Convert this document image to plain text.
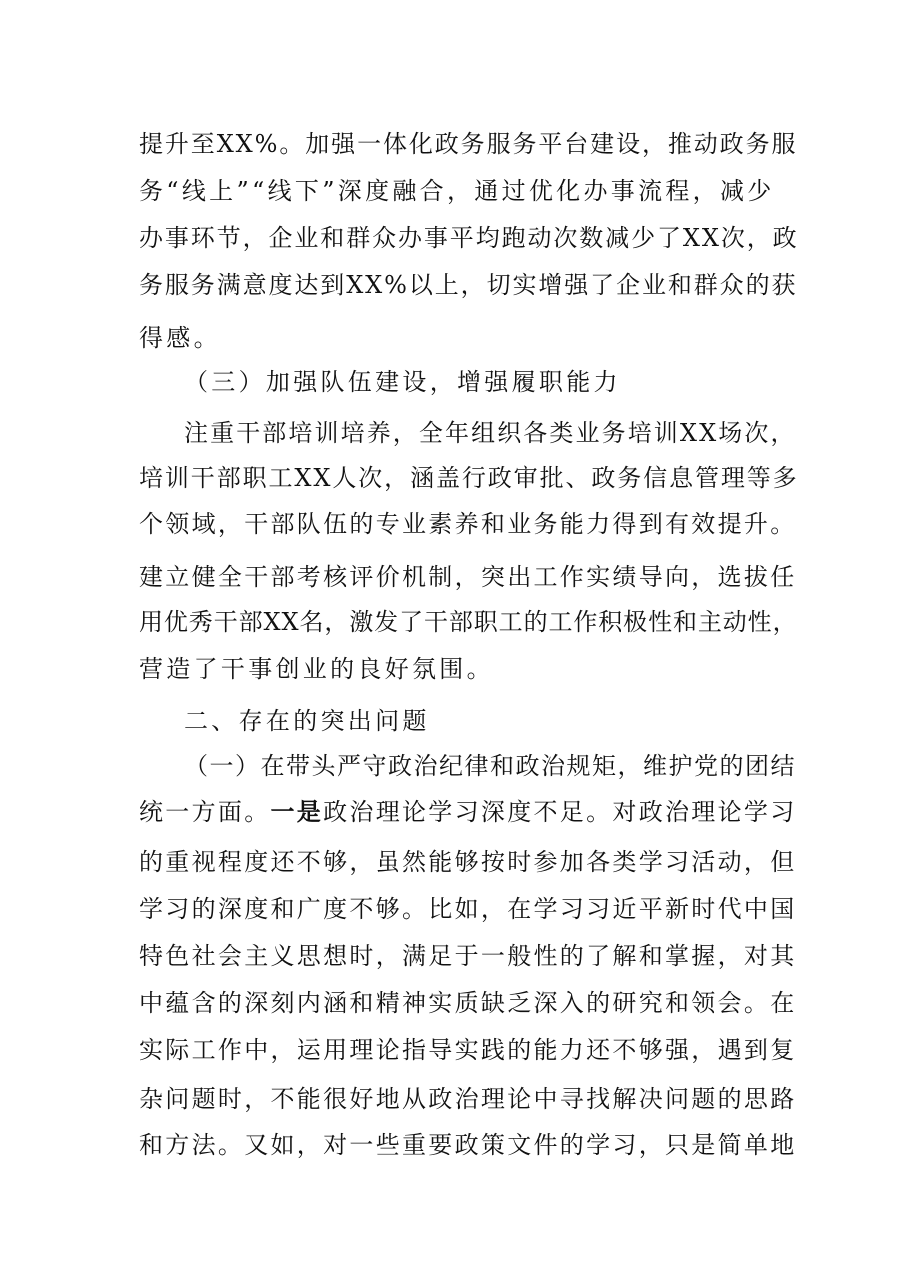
提升至XX%。加强一体化政务服务平台建设，推动政务服
务“线上”“线下”深度融合，通过优化办事流程，减少
办事环节，企业和群众办事平均跑动次数减少了XX次，政
务服务满意度达到XX%以上，切实增强了企业和群众的获
得感。
（三）加强队伍建设，增强履职能力
注重干部培训培养，全年组织各类业务培训XX场次，
培训干部职工XX人次，涵盖行政审批、政务信息管理等多
个领域，干部队伍的专业素养和业务能力得到有效提升。
建立健全干部考核评价机制，突出工作实绩导向，选拔任
用优秀干部XX名，激发了干部职工的工作积极性和主动性，
营造了干事创业的良好氛围。
二、存在的突出问题
（一）在带头严守政治纪律和政治规矩，维护党的团结
统一方面。一是政治理论学习深度不足。对政治理论学习
的重视程度还不够，虽然能够按时参加各类学习活动，但
学习的深度和广度不够。比如，在学习习近平新时代中国
特色社会主义思想时，满足于一般性的了解和掌握，对其
中蕴含的深刻内涵和精神实质缺乏深入的研究和领会。在
实际工作中，运用理论指导实践的能力还不够强，遇到复
杂问题时，不能很好地从政治理论中寻找解决问题的思路
和方法。又如，对一些重要政策文件的学习，只是简单地
